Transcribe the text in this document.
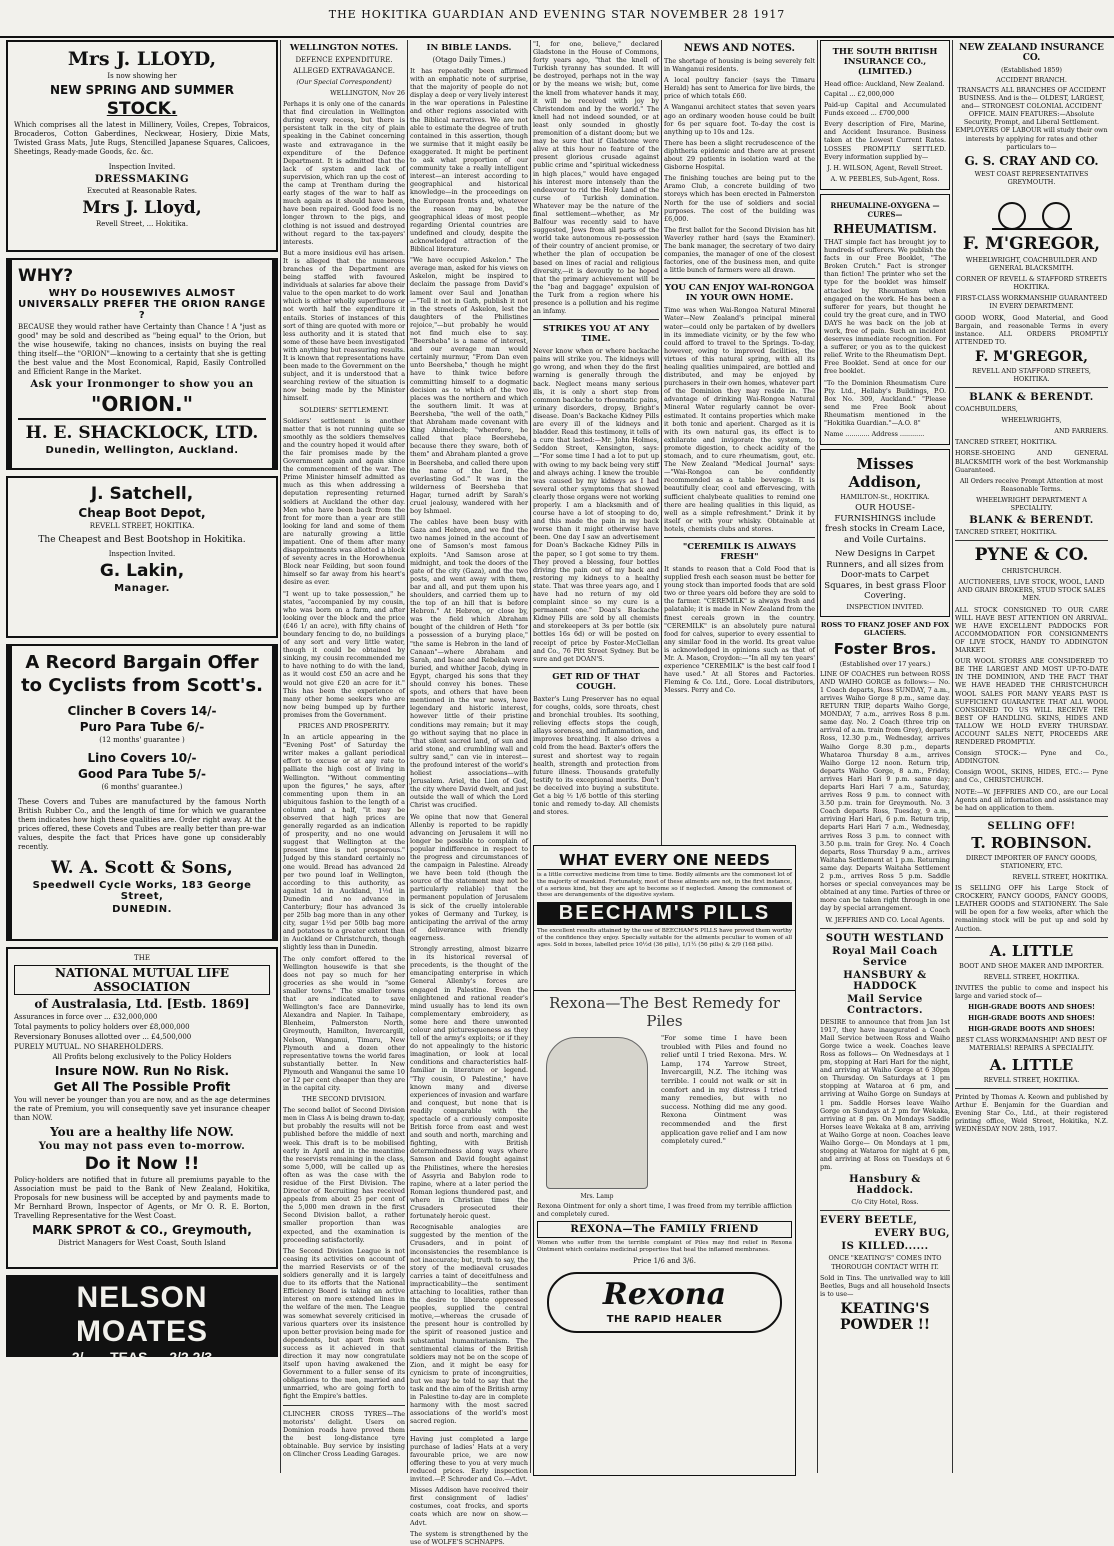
THE HOKITIKA GUARDIAN AND EVENING STAR NOVEMBER 28 1917
Mrs J. LLOYD,
Is now showing her
NEW SPRING AND SUMMER
STOCK.
Which comprises all the latest in Millinery, Voiles, Crepes, Tobraicos, Brocaderos, Cotton Gaberdines, Neckwear, Hosiery, Dixie Mats, Twisted Grass Mats, Jute Rugs, Stencilled Japanese Squares, Calicoes, Sheetings, Ready-made Goods, &c. &c.
Inspection Invited.
DRESSMAKING
Executed at Reasonable Rates.
Mrs J. Lloyd,
Revell Street, ... Hokitika.
WHY?
WHY Do HOUSEWIVES ALMOST UNIVERSALLY PREFER THE ORION RANGE ?
BECAUSE they would rather have Certainty than Chance ! A "just as good" may be sold and described as "being equal" to the Orion, but the wise housewife, taking no chances, insists on buying the real thing itself—the "ORION"—knowing to a certainty that she is getting the best value and the Most Economical, Rapid, Easily Controlled and Efficient Range in the Market.
Ask your Ironmonger to show you an
"ORION."
H. E. SHACKLOCK, LTD.
Dunedin, Wellington, Auckland.
J. Satchell,
Cheap Boot Depot,
REVELL STREET, HOKITIKA.
The Cheapest and Best Bootshop in Hokitika.
Inspection Invited.
G. Lakin,
Manager.
A Record Bargain Offer
to Cyclists from Scott's.
Clincher B Covers 14/-
Puro Para Tube 6/-
(12 months' guarantee )
Lino Covers 10/-
Good Para Tube 5/-
(6 months' guarantee.)
These Covers and Tubes are manufactured by the famous North British Rubber Co., and the length of time for which we guarantee them indicates how high these qualities are. Order right away. At the prices offered, these Covets and Tubes are really better than pre-war values, despite the fact that Prices have gone up considerably recently.
W. A. Scott & Sons,
Speedwell Cycle Works, 183 George Street,
DUNEDIN.
THE
NATIONAL MUTUAL LIFE ASSOCIATION
of Australasia, Ltd. [Estb. 1869]
Assurances in force over ... £32,000,000
Total payments to policy holders over £8,000,000
Reversionary Bonuses allotted over ... £4,500,000
PURELY MUTUAL. NO SHAREHOLDERS.
All Profits belong exclusively to the Policy Holders
Insure NOW. Run No Risk.
Get All The Possible Profit
You will never be younger than you are now, and as the age determines the rate of Premium, you will consequently save yet insurance cheaper than NOW.
You are a healthy life NOW.
You may not pass even to-morrow.
Do it Now !!
Policy-holders are notified that in future all premiums payable to the Association must be paid to the Bank of New Zealand, Hokitika, Proposals for new business will be accepted by and payments made to Mr Bernhard Brown, Inspector of Agents, or Mr O. R. E. Borton, Travelling Representative for the West Coast.
MARK SPROT & CO., Greymouth,
District Managers for West Coast, South Island
NELSON MOATES
2/- TEAS 2/2 2/3
WELLINGTON NOTES.
DEFENCE EXPENDITURE.
ALLEGED EXTRAVAGANCE.
(Our Special Correspondent)
WELLINGTON, Nov 26

Perhaps it is only one of the canards that find circulation in Wellington during every recess, but there is persistent talk in the city of plain speaking in the Cabinet concerning waste and extravagance in the expenditure of the Defence Department. It is admitted that the lack of system and lack of supervision, which ran up the cost of the camp at Trentham during the early stages of the war to half as much again as it should have been, have been repaired. Good food is no longer thrown to the pigs, and clothing is not issued and destroyed without regard to the tax-payers' interests.

But a more insidious evil has arisen. It is alleged that the numerous branches of the Department are being staffed with favoured individuals at salaries far above their value to the open market to do work which is either wholly superfluous or not worth half the expenditure it entails. Stories of instances of this sort of thing are quoted with more or less authority and it is stated that some of these have been investigated with anything but reassuring results. It is known that representations have been made to the Government on the subject, and it is understood that a searching review of the situation is now being made by the Minister himself.

SOLDIERS' SETTLEMENT.

Soldiers' settlement is another matter that is not running quite so smoothly as the soldiers themselves and the country hoped it would after the fair promises made by the Government again and again since the commencement of the war. The Prime Minister himself admitted as much as this when addressing a deputation representing returned soldiers at Auckland the other day. Men who have been back from the front for more than a year are still looking for land and some of them are naturally growing a little impatient. One of them after many disappointments was allotted a block of seventy acres in the Horowhenua Block near Feilding, but soon found himself so far away from his heart's desire as ever.

"I went up to take possession," he states, "accompanied by my cousin, who was born on a farm, and after looking over the block and the price (£46 1/ an acre), with fifty chains of boundary fencing to do, no buildings of any sort and very little water, though it could be obtained by sinking, my cousin recommended me to have nothing to do with the land, as it would cost £50 an acre and he would not give £20 an acre for it." This has been the experience of many other home seekers who are now being bumped up by further promises from the Government.

PRICES AND PROSPERITY.

In an article appearing in the "Evening Post" of Saturday the writer makes a gallant periodical effort to excuse or at any rate to palliate the high cost of living in Wellington. "Without commenting upon the figures," he says, after commenting upon them in an ubiquitous fashion to the length of a column and a half, "it may be observed that high prices are generally regarded as an indication of prosperity, and no one would suggest that Wellington at the present time is not prosperous." Judged by this standard certainly no one would. Bread has advanced 2d per two pound loaf in Wellington, according to this authority, as against 1d in Auckland, 1½d in Dunedin and no advance in Canterbury; flour has advanced 3s per 25lb bag more than in any other city, sugar 1½d per 50lb bag more and potatoes to a greater extent than in Auckland or Christchurch, though slightly less than in Dunedin.

The only comfort offered to the Wellington housewife is that she does not pay so much for her groceries as she would in "some smaller towns." The smaller towns that are indicated to save Wellington's face are Dannevirke, Alexandra and Napier. In Taihape, Blenheim, Palmerston North, Greymouth, Hamilton, Invercargill, Nelson, Wanganui, Timaru, New Plymouth and a dozen other representative towns the world fares substantially better. In New Plymouth and Wanganui the same 10 or 12 per cent cheaper than they are in the capital city.

THE SECOND DIVISION.

The second ballot of Second Division men in Class A is being drawn to-day, but probably the results will not be published before the middle of next week. This draft is to be mobilised early in April and in the meantime the reservists remaining in the class, some 5,000, will be called up as often as was the case with the residue of the First Division. The Director of Recruiting has received appeals from about 25 per cent of the 5,000 men drawn in the first Second Division ballot, a rather smaller proportion than was expected, and the examination is proceeding satisfactorily.

The Second Division League is not ceasing its activities on account of the married Reservists or of the soldiers generally and it is largely due to its efforts that the National Efficiency Board is taking an active interest on more extended lines in the welfare of the men. The League was somewhat severely criticised in various quarters over its insistence upon better provision being made for dependents, but apart from such success as it achieved in that direction it may now congratulate itself upon having awakened the Government to a fuller sense of its obligations to the men, married and unmarried, who are going forth to fight the Empire's battles.

CLINCHER CROSS TYRES—The motorists' delight. Users on Dominion roads have proved them the best long-distance tyre obtainable. Buy service by insisting on Clincher Cross Leading Garages.

IN BIBLE LANDS.
(Otago Daily Times.)

It has repeatedly been affirmed with an emphatic note of surprise, that the majority of people do not display a deep or very lively interest in the war operations in Palestine and other regions associated with the Biblical narratives. We are not able to estimate the degree of truth contained in this assertion, though we surmise that it might easily be exaggerated. It might be pertinent to ask what proportion of our community take a really intelligent interest—an interest according to geographical and historical knowledge—in the proceedings on the European fronts and, whatever the reason may be, the geographical ideas of most people regarding Oriental countries are undefined and cloudy, despite the acknowledged attraction of the Biblical literature.

"We have occupied Askelon." The average man, asked for his views on Askelon, might be inspired to declaim the passage from David's lament over Saul and Jonathan—"Tell it not in Gath, publish it not in the streets of Askelon, lest the daughters of the Philistines rejoice,"—but probably he would not find much else to say. "Beersheba" is a name of interest, and our average man would certainly murmur, "From Dan even unto Beersheba," though he might have to think twice before committing himself to a dogmatic decision as to which of the two places was the northern and which the southern limit. It was at Beersheba, "the well of the oath," that Abraham made covenant with King Abimelech; "wherefore, he called that place Beersheba, because there they sware, both of them" and Abraham planted a grove in Beersheba, and called there upon the name of the Lord, the everlasting God." It was in the wilderness of Beersheba that Hagar, turned adrift by Sarah's cruel jealousy, wandered with her boy Ishmael.

The cables have been busy with Gaza and Hebron, and we find the two names joined in the account of one of Samson's most famous exploits. "And Samson arose at midnight, and took the doors of the gate of the city (Gaza), and the two posts, and went away with them, bar and all, and put them upon his shoulders, and carried them up to the top of an hill that is before Hebron." At Hebron, or close by, was the field which Abraham bought of the children of Heth "for a possession of a burying place," "the same is Hebron in the land of Canaan"—where Abraham and Sarah, and Isaac and Rebekah were buried, and whither Jacob, dying in Egypt, charged his sons that they should convey his bones. These spots, and others that have been mentioned in the war news, have legendary and historic interest, however little of their pristine conditions may remain; but it may go without saying that no place in "that silent sacred land, of sun and arid stone, and crumbling wall and sultry sand," can vie in interest—the profound interest of the world's holiest associations—with Jerusalem. Ariel, the Lion of God, the city where David dwelt, and just outside the wall of which the Lord Christ was crucified.

We opine that now that General Allenby is reported to be rapidly advancing on Jerusalem it will no longer be possible to complain of popular indifference in respect to the progress and circumstances of the campaign in Palestine. Already we have been told (though the source of the statement may not be particularly reliable) that the permanent population of Jerusalem is sick of the cruelly intolerable yokes of Germany and Turkey, is anticipating the arrival of the army of deliverance with friendly eagerness.

Strongly arresting, almost bizarre in its historical reversal of precedents, is the thought of the emancipating enterprise in which General Allenby's forces are engaged in Palestine. Even the enlightened and rational reader's mind usually has to lend its own complementary embroidery, as some here and there unwonted colour and picturesqueness as they tell of the army's exploits; or if they do not appealingly to the historic imagination, or look at local conditions and characteristics half-familiar in literature or legend. "Thy cousin, O Palestine," have known many and diverse experiences of invasion and warfare and conquest, but none that is readily comparable with the spectacle of a curiously composite British force from east and west and south and north, marching and fighting, with British determinedness along ways where Samson and David fought against the Philistines, where the heresies of Assyria and Babylon rode to rapine, where at a later period the Roman legions thundered past, and where in Christian times the Crusaders prosecuted their fortunately heroic quest.

Recognisable analogies are suggested by the mention of the Crusaders, and in point of inconsistencies the resemblance is not inaccurate; but, truth to say, the story of the mediaeval crusades carries a taint of deceitfulness and impracticability—the sentiment attaching to localities, rather than the desire to liberate oppressed peoples, supplied the central motive,—whereas the crusade of the present hour is controlled by the spirit of reasoned justice and substantial humanitarianism. The sentimental claims of the British soldiers may not be on the scope of Zion, and it might be easy for cynicism to prate of incongruities, but we may be told to say that the task and the aim of the British army in Palestine to-day are in complete harmony with the most sacred associations of the world's most sacred region.

Having just completed a large purchase of ladies' Hats at a very favourable price, we are now offering these to you at very much reduced prices. Early inspection invited.—P. Schroder and Co.—Advt.

Misses Addison have received their first consignment of ladies' costumes, coat frocks, and sports coats which are now on show.—Advt.

The system is strengthened by the use of WOLFE'S SCHNAPPS.

"I, for one, believe," declared Gladstone in the House of Commons, forty years ago, "that the knell of Turkish tyranny has sounded. It will be destroyed, perhaps not in the way or by the means we wish; but, come the knell from whatever hands it may, it will be received with joy by Christendom and by the world." The knell had not indeed sounded, or at least only sounded in ghostly premonition of a distant doom; but we may be sure that if Gladstone were alive at this hour no feature of the present glorious crusade against public crime and "spiritual wickedness in high places," would have engaged his interest more intensely than the endeavour to rid the Holy Land of the curse of Turkish domination. Whatever may be the nature of the final settlement—whether, as Mr Balfour was recently said to have suggested, Jews from all parts of the world take autonomous re-possession of their country of ancient promise, or whether the plan of occupation be based on lines of racial and religious diversity,—it is devoutly to be hoped that the primary achievement will be the "bag and baggage" expulsion of the Turk from a region where his presence is a pollution and his regime an infamy.

STRIKES YOU AT ANY TIME.

Never know when or where backache pains will strike you. The kidneys will go wrong, and when they do the first warning is generally through the back. Neglect means many serious ills, it is only a short step from common backache to rheumatic pains, urinary disorders, dropsy, Bright's disease. Doan's Backache Kidney Pills are every ill of the kidneys and bladder. Read this testimony, it tells of a cure that lasted:—Mr. John Holmes, Seddon Street, Kensington, says:—"For some time I had a lot to put up with owing to my back being very stiff and always aching. I knew the trouble was caused by my kidneys as I had several other symptoms that showed clearly those organs were not working properly. I am a blacksmith and of course have a lot of stooping to do, and this made the pain in my back worse than it might otherwise have been. One day I saw an advertisement for Doan's Backache Kidney Pills in the paper, so I got some to try them. They proved a blessing, four bottles driving the pain out of my back and restoring my kidneys to a healthy state. That was three years ago, and I have had no return of my old complaint since so my cure is a permanent one." Doan's Backache Kidney Pills are sold by all chemists and storekeepers at 3s per bottle (six bottles 16s 6d) or will be posted on receipt of price by Foster-McClellan and Co., 76 Pitt Street Sydney. But be sure and get DOAN'S.

GET RID OF THAT COUGH.

Baxter's Lung Preserver has no equal for coughs, colds, sore throats, chest and bronchial troubles. Its soothing, relieving effects stops the cough, allays soreness, and inflammation, and improves breathing. It also drives a cold from the head. Baxter's offers the surest and shortest way to regain health, strength and protection from future illness. Thousands gratefully testify to its exceptional merits. Don't be deceived into buying a substitute. Get a big ½ 1/6 bottle of this sterling tonic and remedy to-day. All chemists and stores.

WHAT EVERY ONE NEEDS
is a little corrective medicine from time to time. Bodily ailments are the commonest lot of the majority of mankind. Fortunately, most of these ailments are not, in the first instance, of a serious kind, but they are apt to become so if neglected. Among the commonest of these are derangements of the digestive system.
BEECHAM'S PILLS
The excellent results attained by the use of BEECHAM'S PILLS have proved them worthy of the confidence they enjoy. Specially suitable for the ailments peculiar to women of all ages. Sold in boxes, labelled price 10½d (36 pills), 1/1½ (56 pills) & 2/9 (168 pills).
Rexona—The Best Remedy for Piles
Mrs. Lamp
"For some time I have been troubled with Piles and found no relief until I tried Rexona. Mrs. W. Lamp, 174 Yarrow Street, Invercargill, N.Z. The itching was terrible. I could not walk or sit in comfort and in my distress I tried many remedies, but with no success. Nothing did me any good. Rexona Ointment was recommended and the first application gave relief and I am now completely cured."
Rexona Ointment for only a short time, I was freed from my terrible affliction and completely cured.
REXONA—The FAMILY FRIEND
Women who suffer from the terrible complaint of Piles may find relief in Rexona Ointment which contains medicinal properties that heal the inflamed membranes.
Price 1/6 and 3/6.
Rexona
THE RAPID HEALER
NEWS AND NOTES.

The shortage of housing is being severely felt in Wanganui residents.

A local poultry fancier (says the Timaru Herald) has sent to America for live birds, the price of which totals £60.

A Wanganui architect states that seven years ago an ordinary wooden house could be built for 6s per square foot. To-day the cost is anything up to 10s and 12s.

There has been a slight recrudescence of the diphtheria epidemic and there are at present about 29 patients in isolation ward at the Gisborne Hospital.

The finishing touches are being put to the Aramo Club, a concrete building of two storeys which has been erected in Palmerston North for the use of soldiers and social purposes. The cost of the building was £6,000.

The first ballot for the Second Division has hit Waverley rather hard (says the Examiner). The bank manager, the secretary of two dairy companies, the manager of one of the closest factories, one of the business men, and quite a little bunch of farmers were all drawn.

YOU CAN ENJOY WAI-RONGOA IN YOUR OWN HOME.

Time was when Wai-Rongoa Natural Mineral Water—New Zealand's principal mineral water—could only be partaken of by dwellers in its immediate vicinity, or by the few who could afford to travel to the Springs. To-day, however, owing to improved facilities, the virtues of this natural spring, with all its healing qualities unimpaired, are bottled and distributed, and may be enjoyed by purchasers in their own homes, whatever part of the Dominion they may reside in. The advantage of drinking Wai-Rongoa Natural Mineral Water regularly cannot be over-estimated. It contains properties which make it both tonic and aperient. Charged as it is with its own natural gas, its effect is to exhilarate and invigorate the system, to promote digestion, to check acidity of the stomach, and to cure rheumatism, gout, etc. The New Zealand "Medical Journal" says:—"Wai-Rongoa can be confidently recommended as a table beverage. It is beautifully clear, cool and effervescing, with sufficient chalybeate qualities to remind one there are healing qualities in this liquid, as well as a simple refreshment." Drink it by itself or with your whisky. Obtainable at hotels, chemists clubs and stores.

"CEREMILK IS ALWAYS FRESH"

It stands to reason that a Cold Food that is supplied fresh each season must be better for young stock than imported foods that are sold two or three years old before they are sold to the farmer. "CEREMILK" is always fresh and palatable; it is made in New Zealand from the finest cereals grown in the country. "CEREMILK" is an absolutely pure natural food for calves, superior to every essential to any similar food in the world. Its great value is acknowledged in opinions such as that of Mr. A. Mason, Croydon:—"In all my ten years' experience "CEREMILK" is the best calf food I have used." At all Stores and Factories. Fleming & Co. Ltd., Gore. Local distributors, Messrs. Perry and Co.

THE SOUTH BRITISH INSURANCE CO., (LIMITED.)
Head office: Auckland, New Zealand.
Capital ... £2,000,000
Paid-up Capital and Accumulated Funds exceed ... £700,000
Every description of Fire, Marine, and Accident Insurance. Business taken at the Lowest Current Rates. LOSSES PROMPTLY SETTLED. Every information supplied by—
J. H. WILSON, Agent, Revell Street.
A. W. PEEBLES, Sub-Agent, Ross.
RHEUMALINE-OXYGENA —CURES—
RHEUMATISM.
THAT simple fact has brought joy to hundreds of sufferers. We publish the facts in our Free Booklet, "The Broken Crutch." Fact is stronger than fiction! The printer who set the type for the booklet was himself attacked by Rheumatism when engaged on the work. He has been a sufferer for years, but thought he could try the great cure, and in TWO DAYS he was back on the job at work, free of pain. Such an incident deserves immediate recognition. For a sufferer, or you as to the quickest relief. Write to the Rheumatism Dept. Free Booklet. Send at once for our free booklet.
"To the Dominion Rheumatism Cure Pty. Ltd., Hellaby's Buildings, P.O. Box No. 309, Auckland." "Please send me Free Book about Rheumatism mentioned in the "Hokitika Guardian."—A.O. 8"
Name ............ Address ............
Misses Addison,
HAMILTON-St., HOKITIKA.
OUR HOUSE-FURNISHINGS include fresh stocks in Cream Lace, and Voile Curtains.
New Designs in Carpet Runners, and all sizes from Door-mats to Carpet Squares, in best grass Floor Covering.
INSPECTION INVITED.
ROSS TO FRANZ JOSEF AND FOX GLACIERS.
Foster Bros.
(Established over 17 years.)

LINE OF COACHES run between ROSS AND WAIHO GORGE as follows:— No. 1 Coach departs, Ross SUNDAY, 7 a.m., arrives Waiho Gorge 8 p.m., same day. RETURN TRIP, departs Waiho Gorge, MONDAY, 7 a.m., arrives Ross 8 p.m. same day. No. 2 Coach (three trip on arrival of a.m. train from Grey), departs Ross, 12.30 p.m., Wednesday, arrives Waiho Gorge 8.30 p.m., departs Whataroa Thursday 8 a.m., arrives Waiho Gorge 12 noon. Return trip, departs Waiho Gorge, 8 a.m., Friday, arrives Hari Hari 9 p.m. same day; departs Hari Hari 7 a.m., Saturday, arrives Ross 9 p.m. to connect with 3.50 p.m. train for Greymouth. No. 3 Coach departs Ross, Tuesday, 9 a.m., arriving Hari Hari, 6 p.m. Return trip, departs Hari Hari 7 a.m., Wednesday, arrives Ross 3 p.m. to connect with 3.50 p.m. train for Grey. No. 4 Coach departs, Ross Thursday 9 a.m., arrives Waitaha Settlement at 1 p.m. Returning same day. Departs Waitaha Settlement 2 p.m., arrives Ross 5 p.m. Saddle horses or special conveyances may be obtained at any time. Parties of three or more can be taken right through in one day by special arrangement.

W. JEFFRIES AND CO. Local Agents.
SOUTH WESTLAND
Royal Mail Coach Service
HANSBURY & HADDOCK
Mail Service Contractors.

DESIRE to announce that from Jan 1st 1917, they have inaugurated a Coach Mail Service between Ross and Waiho Gorge twice a week. Coaches leave Ross as follows— On Wednesdays at 1 pm, stopping at Hari Hari for the night, and arriving at Waiho Gorge at 6 30pm on Thursday. On Saturdays at 1 pm stopping at Wataroa at 6 pm, and arriving at Waiho Gorge on Sundays at 1 pm. Saddle Horses leave Waiho Gorge on Sundays at 2 pm for Wekaka, arriving at 8 pm. On Mondays Saddle Horses leave Wekaka at 8 am, arriving at Waiho Gorge at noon. Coaches leave Waiho Gorge— On Mondays at 1 pm, stopping at Wataroa for night at 6 pm, and arriving at Ross on Tuesdays at 6 pm.

Hansbury & Haddock.
C/o City Hotel, Ross.
EVERY BEETLE,
EVERY BUG,
IS KILLED......
ONCE "KEATING'S" COMES INTO THOROUGH CONTACT WITH IT.
Sold in Tins. The unrivalled way to kill Beetles, Bugs and all household Insects is to use—
KEATING'S POWDER !!
NEW ZEALAND INSURANCE CO.
(Established 1859)
ACCIDENT BRANCH.

TRANSACTS ALL BRANCHES OF ACCIDENT BUSINESS. And is the— OLDEST, LARGEST, and— STRONGEST COLONIAL ACCIDENT OFFICE. MAIN FEATURES:—Absolute Security, Prompt, and Liberal Settlement. EMPLOYERS OF LABOUR will study their own interests by applying for rates and other particulars to—

G. S. CRAY AND CO.
WEST COAST REPRESENTATIVES GREYMOUTH.
F. M'GREGOR,
WHEELWRIGHT, COACHBUILDER AND GENERAL BLACKSMITH.
CORNER OF REVELL & STAFFORD STREETS HOKITIKA.
FIRST-CLASS WORKMANSHIP GUARANTEED IN EVERY DEPARTMENT.
GOOD WORK, Good Material, and Good Bargain, and reasonable Terms in every instance. ALL ORDERS PROMPTLY ATTENDED TO.
F. M'GREGOR,
REVELL AND STAFFORD STREETS, HOKITIKA.
BLANK & BERENDT.
COACHBUILDERS,
WHEELWRIGHTS,
AND FARRIERS.
TANCRED STREET, HOKITIKA.
HORSE-SHOEING AND GENERAL BLACKSMITH work of the best Workmanship Guaranteed.
All Orders receive Prompt Attention at most Reasonable Terms.
WHEELWRIGHT DEPARTMENT A SPECIALITY.
BLANK & BERENDT.
TANCRED STREET, HOKITIKA.
PYNE & CO.
CHRISTCHURCH.
AUCTIONEERS, LIVE STOCK, WOOL, LAND AND GRAIN BROKERS, STUD STOCK SALES MEN.
ALL STOCK CONSIGNED TO OUR CARE WILL HAVE BEST ATTENTION ON ARRIVAL. WE HAVE EXCELLENT PADDOCKS FOR ACCOMMODATION FOR CONSIGNMENTS OF LIVE STOCK, HANDY TO ADDINGTON MARKET.
OUR WOOL STORES ARE CONSIDERED TO BE THE LARGEST AND MOST UP-TO-DATE IN THE DOMINION, AND THE FACT THAT WE HAVE HEADED THE CHRISTCHURCH WOOL SALES FOR MANY YEARS PAST IS SUFFICIENT GUARANTEE THAT ALL WOOL CONSIGNED TO US WILL RECEIVE THE BEST OF HANDLING. SKINS, HIDES AND TALLOW WE HOLD EVERY THURSDAY. ACCOUNT SALES NETT, PROCEEDS ARE RENDERED PROMPTLY.
Consign STOCK:— Pyne and Co., ADDINGTON.
Consign WOOL, SKINS, HIDES, ETC.:— Pyne and Co., CHRISTCHURCH.
NOTE:—W. JEFFRIES AND CO., are our Local Agents and all information and assistance may be had on application to them.
SELLING OFF!
T. ROBINSON.
DIRECT IMPORTER OF FANCY GOODS, STATIONERY, ETC.
REVELL STREET, HOKITIKA.
IS SELLING OFF his Large Stock of CROCKERY, FANCY GOODS, FANCY GOODS, LEATHER GOODS and STATIONERY. The Sale will be open for a few weeks, after which the remaining stock will be put up and sold by Auction.
A. LITTLE
BOOT AND SHOE MAKER AND IMPORTER.
REVELL STREET, HOKITIKA.
INVITES the public to come and inspect his large and varied stock of—
HIGH-GRADE BOOTS AND SHOES!
HIGH-GRADE BOOTS AND SHOES!
HIGH-GRADE BOOTS AND SHOES!
BEST CLASS WORKMANSHIP! AND BEST OF MATERIALS! REPAIRS A SPECIALITY.
A. LITTLE
REVELL STREET, HOKITIKA.
Printed by Thomas A. Keown and published by Arthur E. Benjamin for the Guardian and Evening Star Co., Ltd., at their registered printing office, Weld Street, Hokitika, N.Z. WEDNESDAY NOV. 28th, 1917.
